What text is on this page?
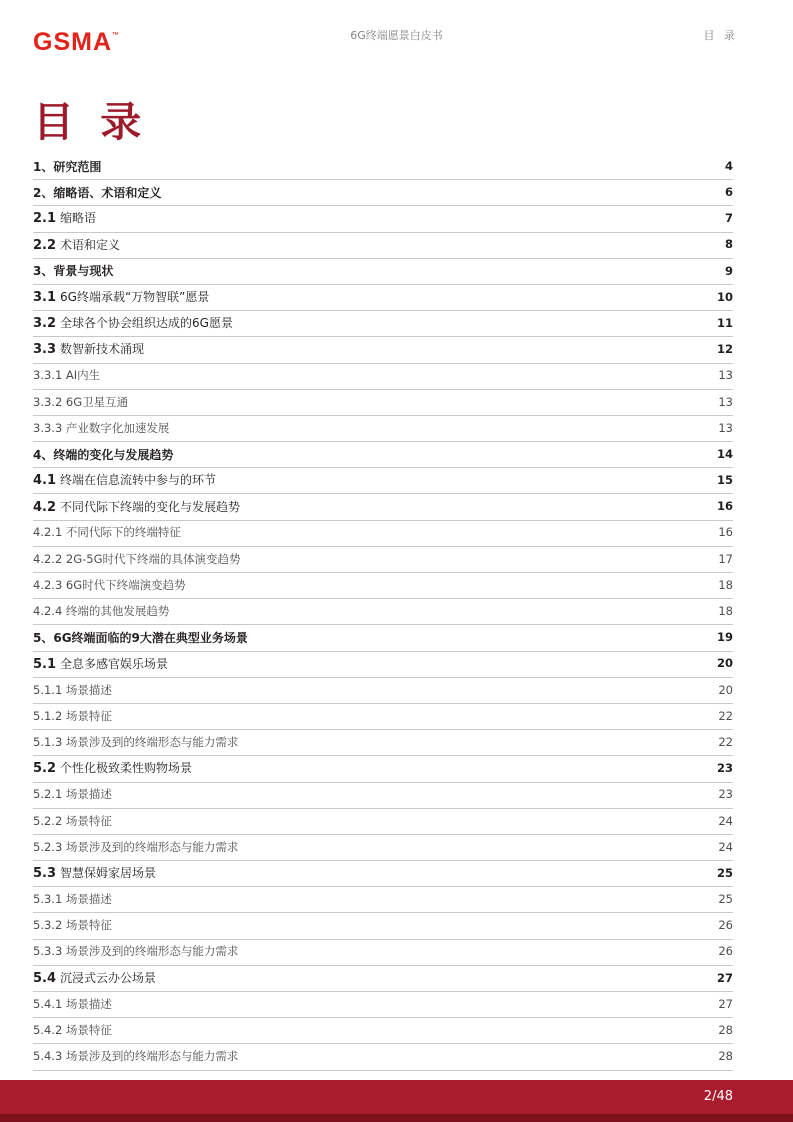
GSMA™	6G终端愿景白皮书	目 录
目 录
1、研究范围	4
2、缩略语、术语和定义	6
2.1 缩略语	7
2.2 术语和定义	8
3、背景与现状	9
3.1 6G终端承载“万物智联”愿景	10
3.2 全球各个协会组织达成的6G愿景	11
3.3 数智新技术涌现	12
3.3.1 AI内生	13
3.3.2 6G卫星互通	13
3.3.3 产业数字化加速发展	13
4、终端的变化与发展趋势	14
4.1 终端在信息流转中参与的环节	15
4.2 不同代际下终端的变化与发展趋势	16
4.2.1 不同代际下的终端特征	16
4.2.2 2G-5G时代下终端的具体演变趋势	17
4.2.3 6G时代下终端演变趋势	18
4.2.4 终端的其他发展趋势	18
5、6G终端面临的9大潜在典型业务场景	19
5.1 全息多感官娱乐场景	20
5.1.1 场景描述	20
5.1.2 场景特征	22
5.1.3 场景涉及到的终端形态与能力需求	22
5.2 个性化极致柔性购物场景	23
5.2.1 场景描述	23
5.2.2 场景特征	24
5.2.3 场景涉及到的终端形态与能力需求	24
5.3 智慧保姆家居场景	25
5.3.1 场景描述	25
5.3.2 场景特征	26
5.3.3 场景涉及到的终端形态与能力需求	26
5.4 沉浸式云办公场景	27
5.4.1 场景描述	27
5.4.2 场景特征	28
5.4.3 场景涉及到的终端形态与能力需求	28
2/48
